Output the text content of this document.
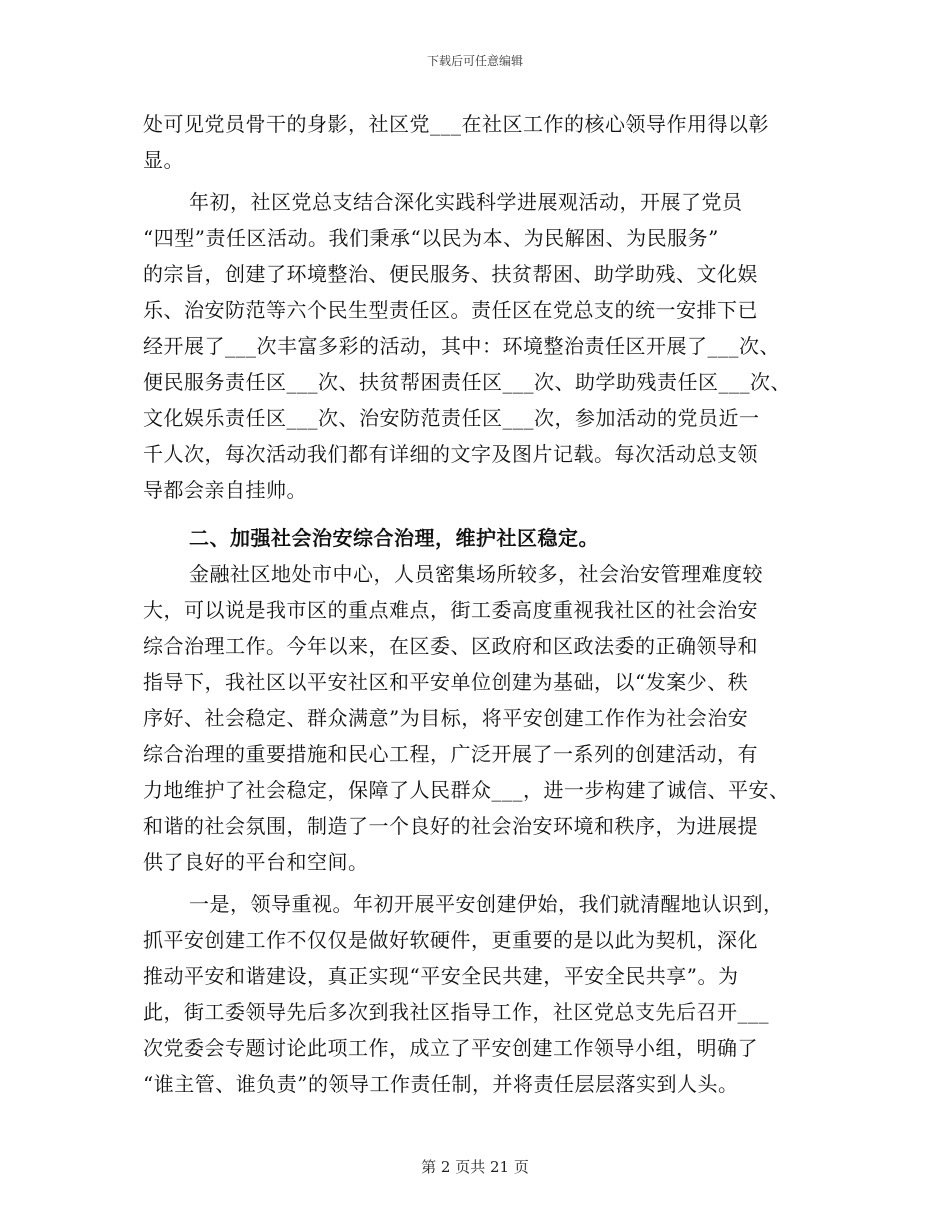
下载后可任意编辑
处可见党员骨干的身影，社区党___在社区工作的核心领导作用得以彰
显。
年初，社区党总支结合深化实践科学进展观活动，开展了党员
“四型”责任区活动。我们秉承“以民为本、为民解困、为民服务”
的宗旨，创建了环境整治、便民服务、扶贫帮困、助学助残、文化娱
乐、治安防范等六个民生型责任区。责任区在党总支的统一安排下已
经开展了___次丰富多彩的活动，其中：环境整治责任区开展了___次、
便民服务责任区___次、扶贫帮困责任区___次、助学助残责任区___次、
文化娱乐责任区___次、治安防范责任区___次，参加活动的党员近一
千人次，每次活动我们都有详细的文字及图片记载。每次活动总支领
导都会亲自挂帅。
二、加强社会治安综合治理，维护社区稳定。
金融社区地处市中心，人员密集场所较多，社会治安管理难度较
大，可以说是我市区的重点难点，街工委高度重视我社区的社会治安
综合治理工作。今年以来，在区委、区政府和区政法委的正确领导和
指导下，我社区以平安社区和平安单位创建为基础，以“发案少、秩
序好、社会稳定、群众满意”为目标，将平安创建工作作为社会治安
综合治理的重要措施和民心工程，广泛开展了一系列的创建活动，有
力地维护了社会稳定，保障了人民群众___，进一步构建了诚信、平安、
和谐的社会氛围，制造了一个良好的社会治安环境和秩序，为进展提
供了良好的平台和空间。
一是，领导重视。年初开展平安创建伊始，我们就清醒地认识到，
抓平安创建工作不仅仅是做好软硬件，更重要的是以此为契机，深化
推动平安和谐建设，真正实现“平安全民共建，平安全民共享”。为
此，街工委领导先后多次到我社区指导工作，社区党总支先后召开___
次党委会专题讨论此项工作，成立了平安创建工作领导小组，明确了
“谁主管、谁负责”的领导工作责任制，并将责任层层落实到人头。
第 2 页共 21 页
